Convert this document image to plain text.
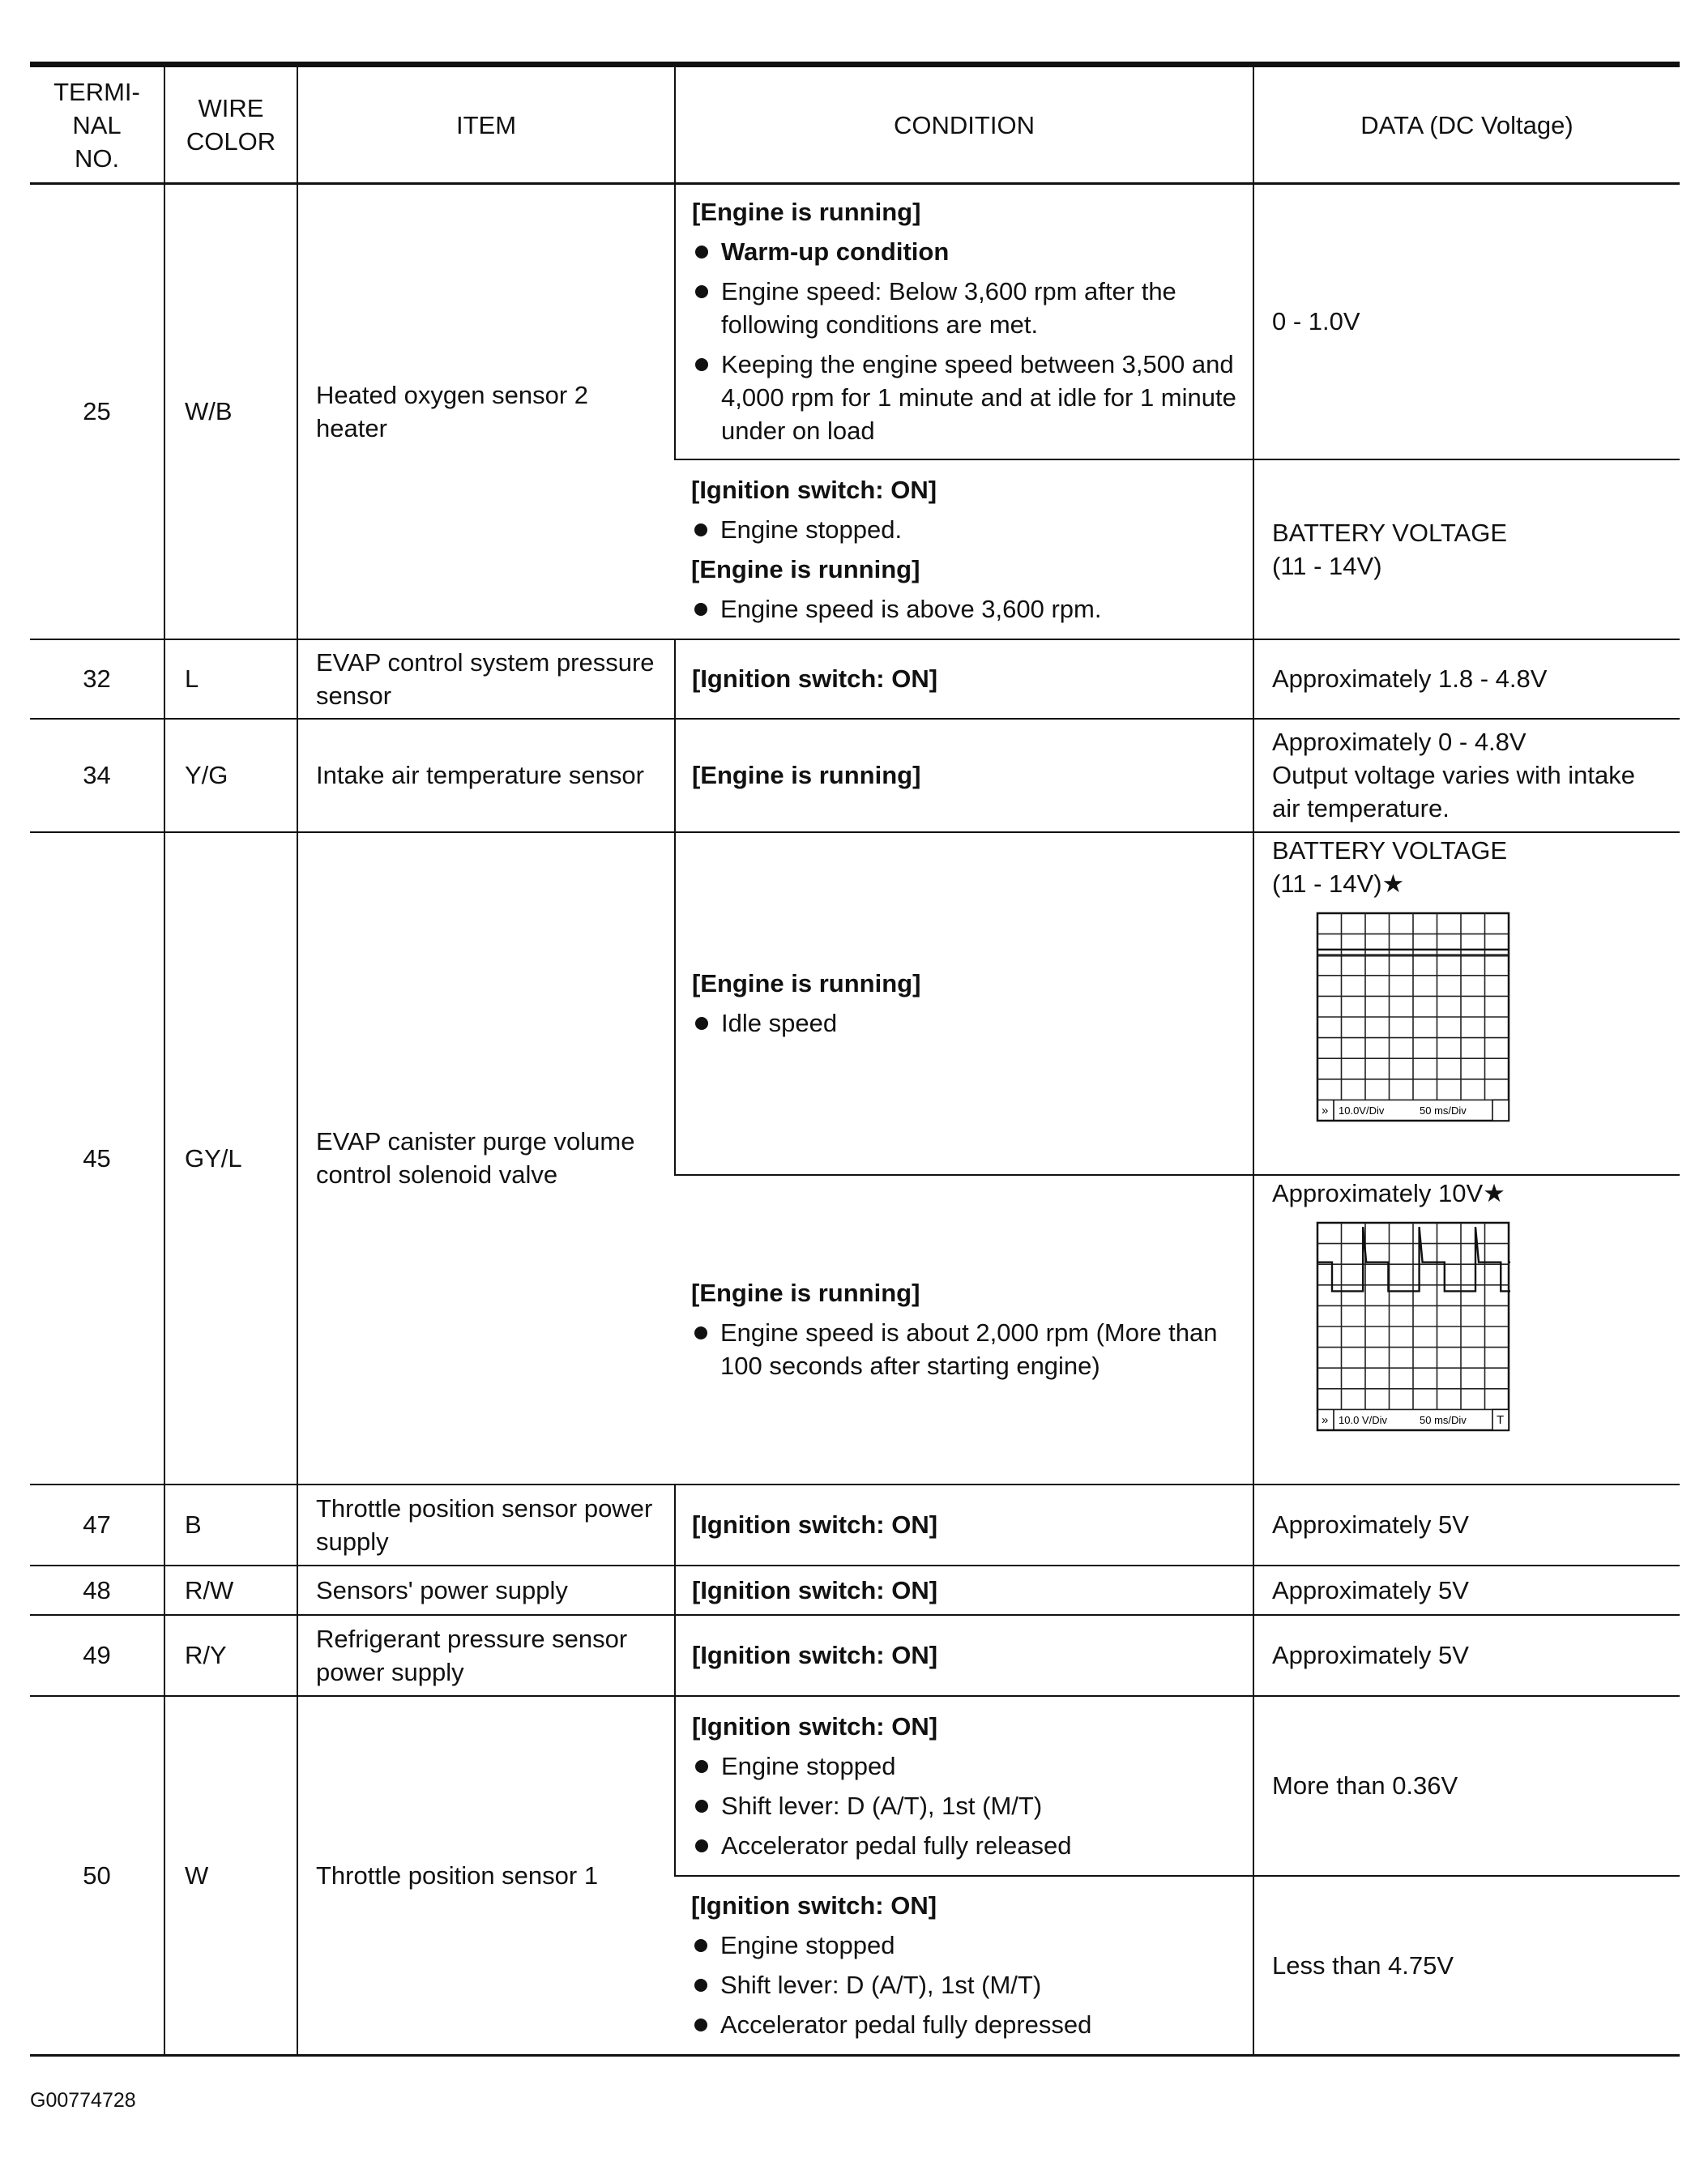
TERMI-
NAL
NO.	WIRE
COLOR	ITEM	CONDITION	DATA (DC Voltage)
25	W/B	Heated oxygen sensor 2 heater	[Engine is running]
Warm-up condition
Engine speed: Below 3,600 rpm after the following conditions are met.
Keeping the engine speed between 3,500 and 4,000 rpm for 1 minute and at idle for 1 minute under on load	0 - 1.0V

			[Ignition switch: ON]
Engine stopped.
[Engine is running]
Engine speed is above 3,600 rpm.	BATTERY VOLTAGE
(11 - 14V)

32	L	EVAP control system pressure sensor	[Ignition switch: ON]	Approximately 1.8 - 4.8V

34	Y/G	Intake air temperature sensor	[Engine is running]	Approximately 0 - 4.8V
Output voltage varies with intake air temperature.

45	GY/L	EVAP canister purge volume control solenoid valve	[Engine is running]
Idle speed	BATTERY VOLTAGE
(11 - 14V)★
» 10.0V/Div 50 ms/Div

			[Engine is running]
Engine speed is about 2,000 rpm (More than 100 seconds after starting engine)	Approximately 10V★
» 10.0 V/Div 50 ms/Div T

47	B	Throttle position sensor power supply	[Ignition switch: ON]	Approximately 5V

48	R/W	Sensors' power supply	[Ignition switch: ON]	Approximately 5V

49	R/Y	Refrigerant pressure sensor power supply	[Ignition switch: ON]	Approximately 5V

50	W	Throttle position sensor 1	[Ignition switch: ON]
Engine stopped
Shift lever: D (A/T), 1st (M/T)
Accelerator pedal fully released	More than 0.36V

			[Ignition switch: ON]
Engine stopped
Shift lever: D (A/T), 1st (M/T)
Accelerator pedal fully depressed	Less than 4.75V
G00774728
